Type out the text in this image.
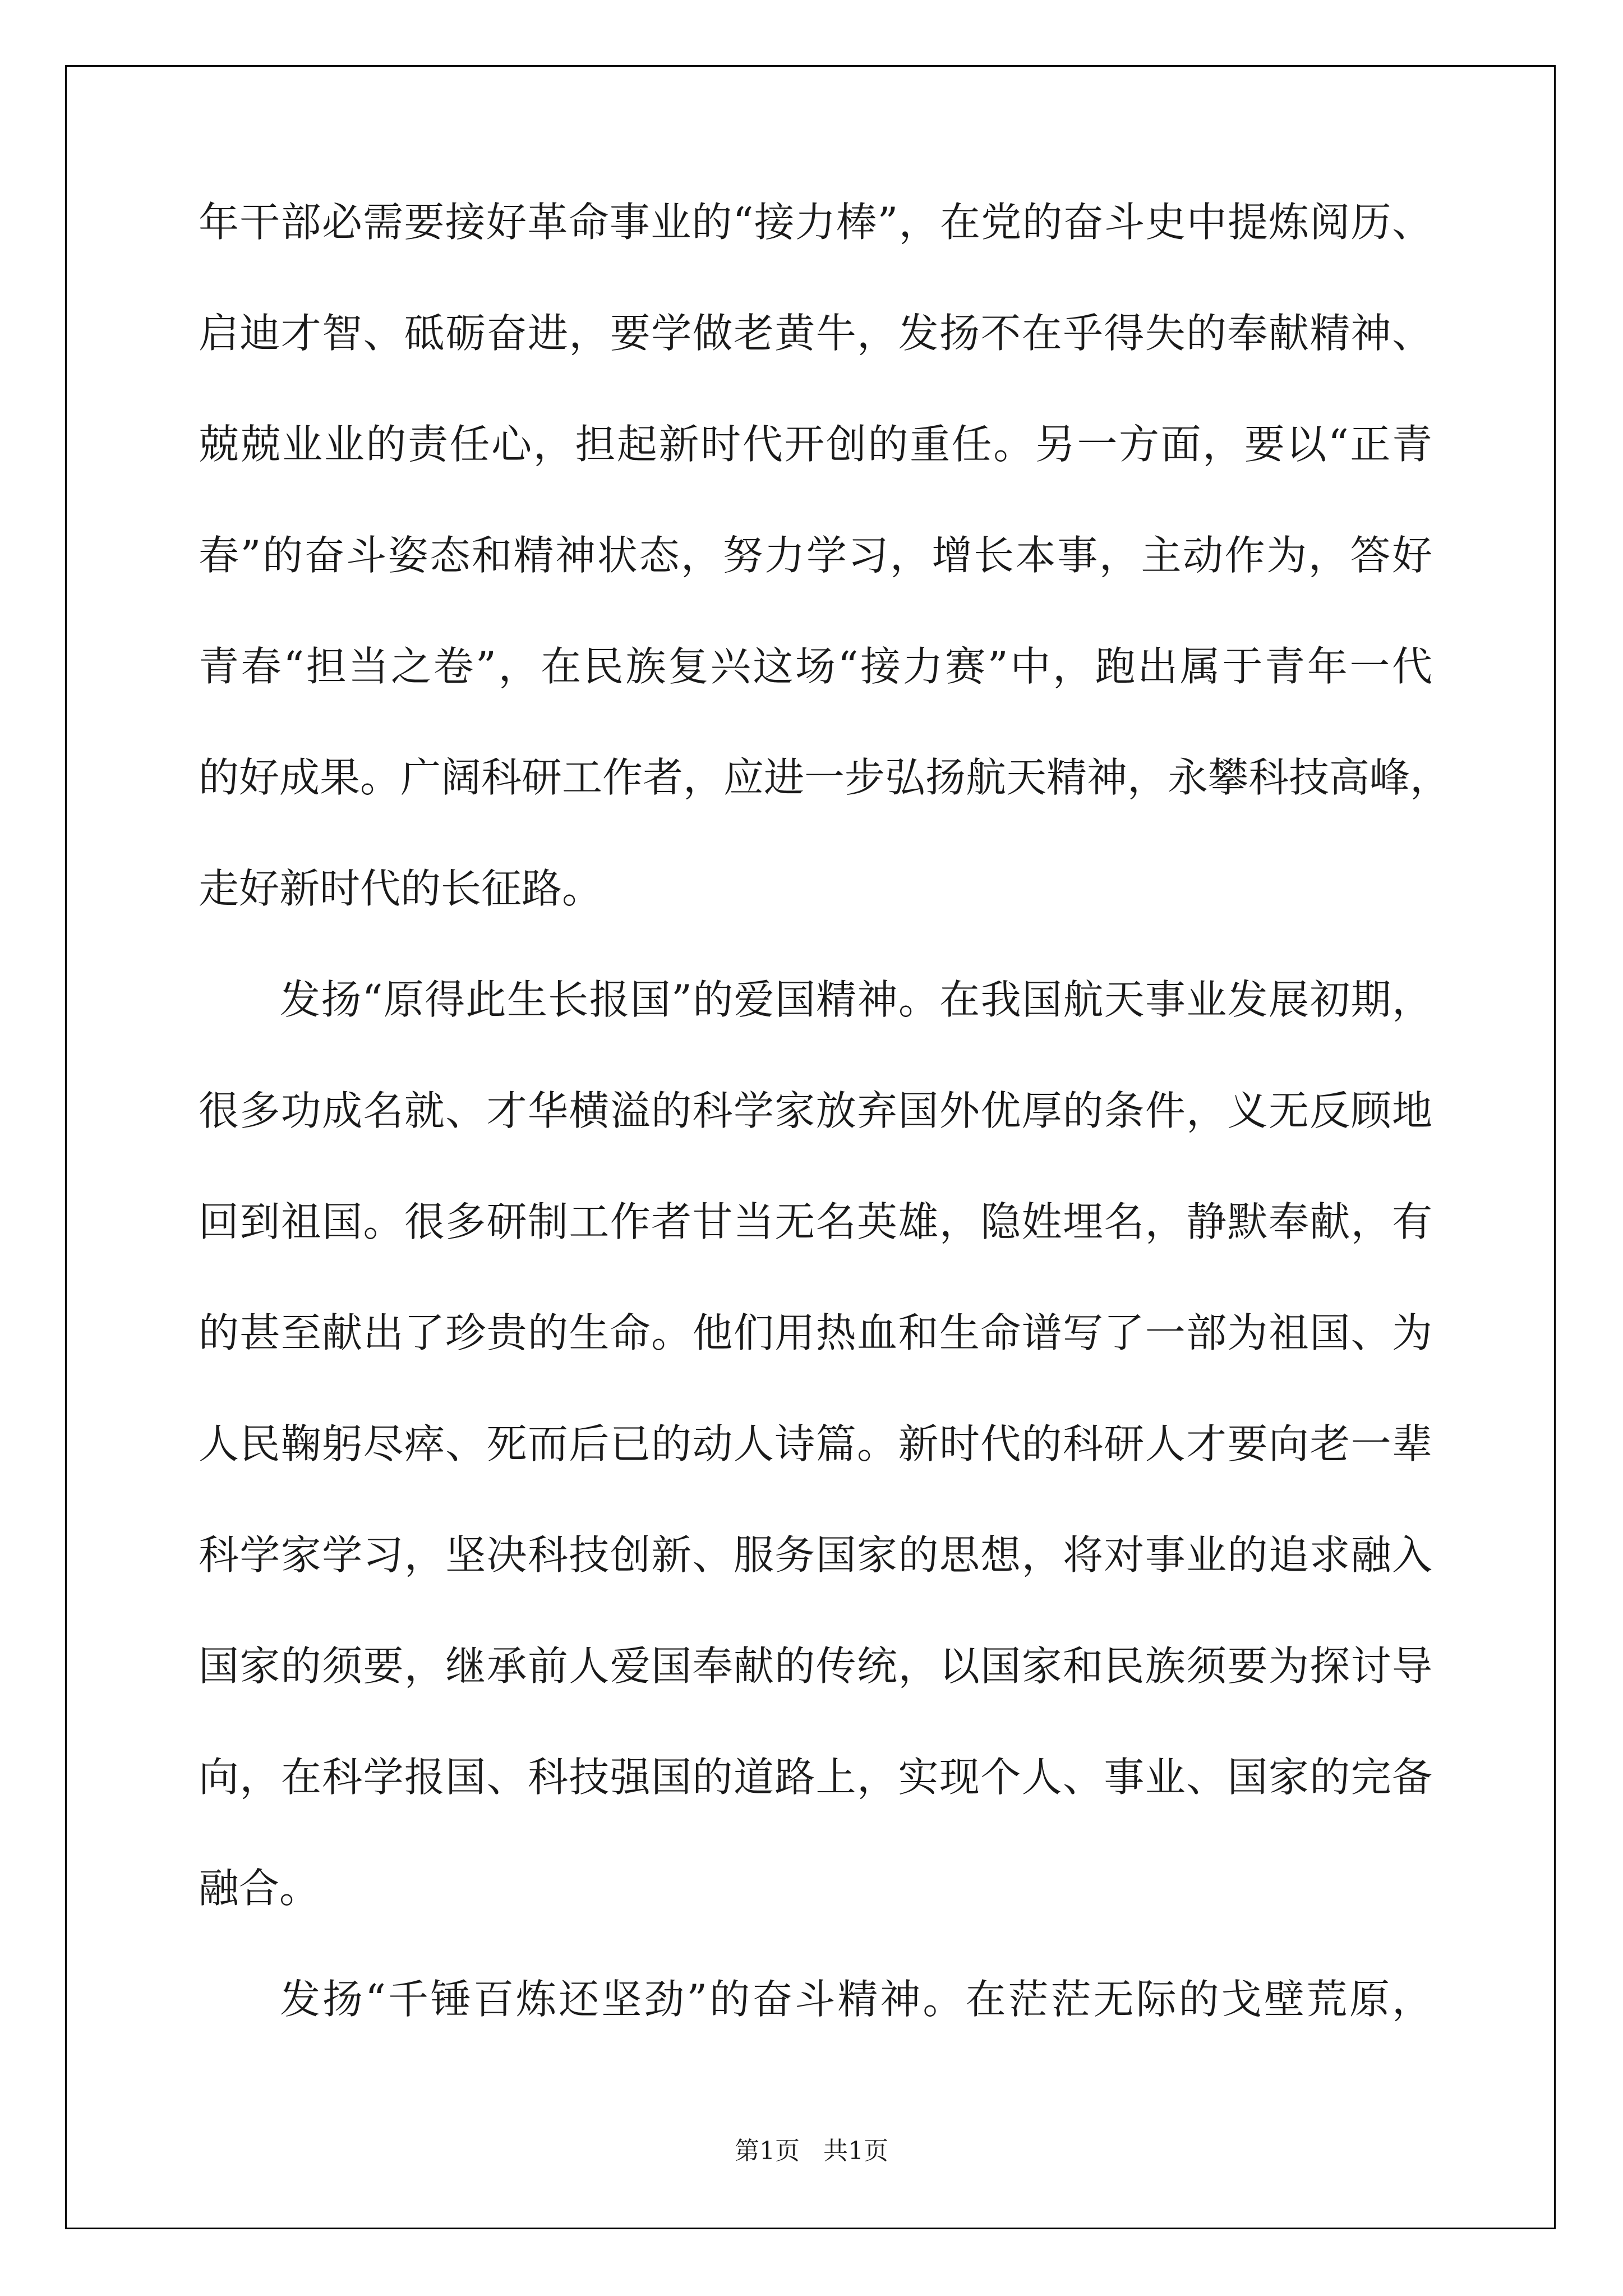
年干部必需要接好革命事业的“接力棒”，在党的奋斗史中提炼阅历、
启迪才智、砥砺奋进，要学做老黄牛，发扬不在乎得失的奉献精神、
兢兢业业的责任心，担起新时代开创的重任。另一方面，要以“正青
春”的奋斗姿态和精神状态，努力学习，增长本事，主动作为，答好
青春“担当之卷”，在民族复兴这场“接力赛”中，跑出属于青年一代
的好成果。广阔科研工作者，应进一步弘扬航天精神，永攀科技高峰，
走好新时代的长征路。
发扬“原得此生长报国”的爱国精神。在我国航天事业发展初期，
很多功成名就、才华横溢的科学家放弃国外优厚的条件，义无反顾地
回到祖国。很多研制工作者甘当无名英雄，隐姓埋名，静默奉献，有
的甚至献出了珍贵的生命。他们用热血和生命谱写了一部为祖国、为
人民鞠躬尽瘁、死而后已的动人诗篇。新时代的科研人才要向老一辈
科学家学习，坚决科技创新、服务国家的思想，将对事业的追求融入
国家的须要，继承前人爱国奉献的传统，以国家和民族须要为探讨导
向，在科学报国、科技强国的道路上，实现个人、事业、国家的完备
融合。
发扬“千锤百炼还坚劲”的奋斗精神。在茫茫无际的戈壁荒原，
第1页   共1页
